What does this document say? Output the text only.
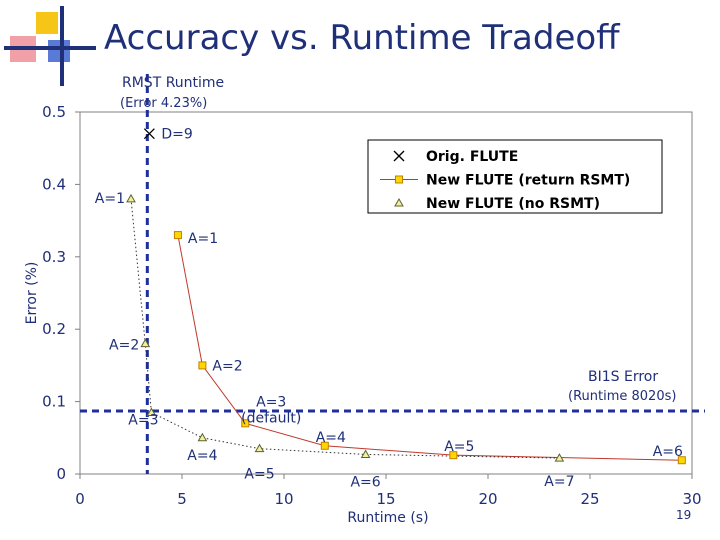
Accuracy vs. Runtime Tradeoff
19
0	5	10	15	20	25	30
0
0.1
0.2
0.3
0.4
0.5
D=9
A=1
A=2
A=3
(default)
A=4
A=5	A=6
A=1
A=2
A=3
A=4
A=5	A=6	A=7
RMST Runtime
(Error 4.23%)
BI1S Error
(Runtime 8020s)
Orig. FLUTE
New FLUTE (return RSMT)
New FLUTE (no RSMT)
Runtime (s)
Error (%)
